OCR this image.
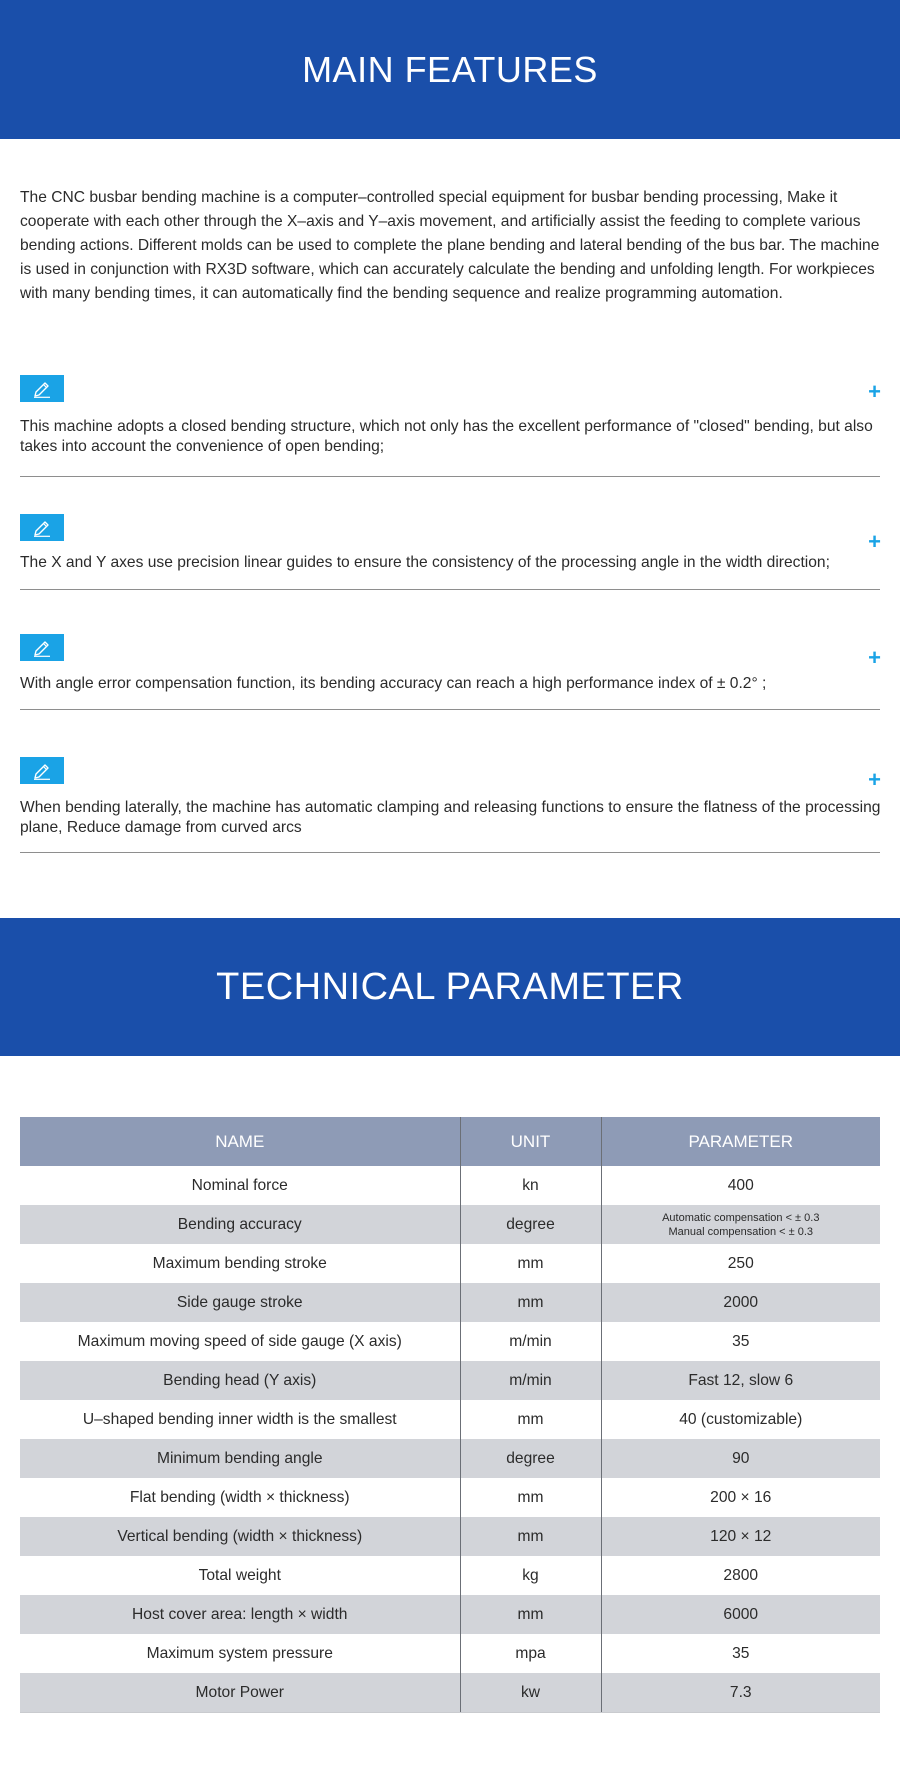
MAIN FEATURES

The CNC busbar bending machine is a computer–controlled special equipment for busbar bending processing, Make it cooperate with each other through the X–axis and Y–axis movement, and artificially assist the feeding to complete various bending actions. Different molds can be used to complete the plane bending and lateral bending of the bus bar. The machine is used in conjunction with RX3D software, which can accurately calculate the bending and unfolding length. For workpieces with many bending times, it can automatically find the bending sequence and realize programming automation.

+

This machine adopts a closed bending structure, which not only has the excellent performance of "closed" bending, but also takes into account the convenience of open bending;

+

The X and Y axes use precision linear guides to ensure the consistency of the processing angle in the width direction;

+

With angle error compensation function, its bending accuracy can reach a high performance index of ± 0.2° ;

+

When bending laterally, the machine has automatic clamping and releasing functions to ensure the flatness of the processing plane, Reduce damage from curved arcs

TECHNICAL PARAMETER
NAME	UNIT	PARAMETER
Nominal force	kn	400
Bending accuracy	degree	Automatic compensation < ± 0.3
Manual compensation < ± 0.3

Maximum bending stroke	mm	250
Side gauge stroke	mm	2000
Maximum moving speed of side gauge (X axis)	m/min	35
Bending head (Y axis)	m/min	Fast 12, slow 6
U–shaped bending inner width is the smallest	mm	40 (customizable)
Minimum bending angle	degree	90
Flat bending (width × thickness)	mm	200 × 16
Vertical bending (width × thickness)	mm	120 × 12
Total weight	kg	2800
Host cover area: length × width	mm	6000
Maximum system pressure	mpa	35
Motor Power	kw	7.3
